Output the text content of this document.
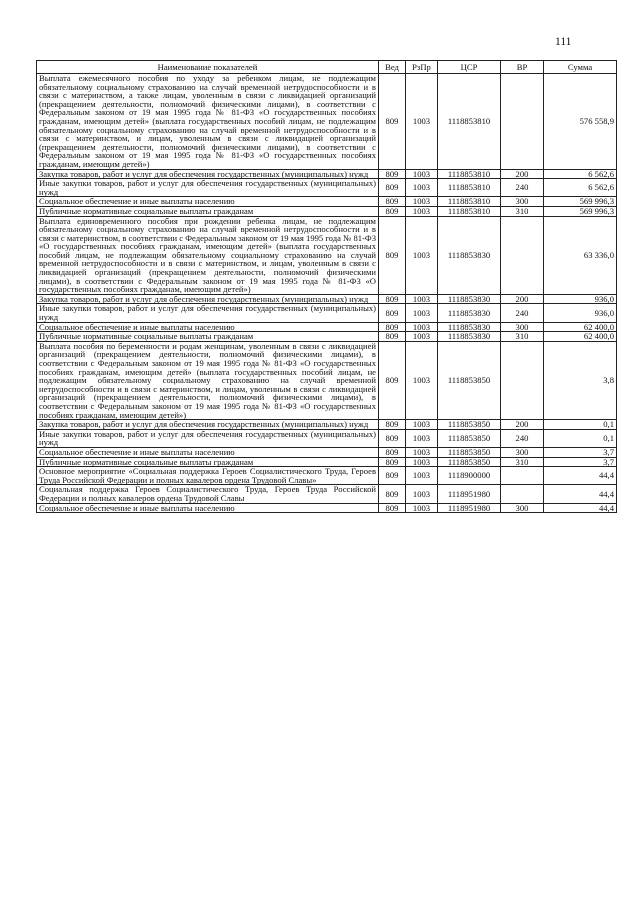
111
Наименование показателей	Вед	РзПр	ЦСР	ВР	Сумма
Выплата ежемесячного пособия по уходу за ребенком лицам, не подлежащим обязательному социальному страхованию на случай временной нетрудоспособности и в связи с материнством, а также лицам, уволенным в связи с ликвидацией организаций (прекращением деятельности, полномочий физическими лицами), в соответствии с Федеральным законом от 19 мая 1995 года № 81-ФЗ «О государственных пособиях гражданам, имеющим детей» (выплата государственных пособий лицам, не подлежащим обязательному социальному страхованию на случай временной нетрудоспособности и в связи с материнством, и лицам, уволенным в связи с ликвидацией организаций (прекращением деятельности, полномочий физическими лицами), в соответствии с Федеральным законом от 19 мая 1995 года № 81-ФЗ «О государственных пособиях гражданам, имеющим детей»)	809	1003	1118853810		576 558,9
Закупка товаров, работ и услуг для обеспечения государственных (муниципальных) нужд	809	1003	1118853810	200	6 562,6
Иные закупки товаров, работ и услуг для обеспечения государственных (муниципальных) нужд	809	1003	1118853810	240	6 562,6
Социальное обеспечение и иные выплаты населению	809	1003	1118853810	300	569 996,3
Публичные нормативные социальные выплаты гражданам	809	1003	1118853810	310	569 996,3
Выплата единовременного пособия при рождении ребенка лицам, не подлежащим обязательному социальному страхованию на случай временной нетрудоспособности и в связи с материнством, в соответствии с Федеральным законом от 19 мая 1995 года № 81-ФЗ «О государственных пособиях гражданам, имеющим детей» (выплата государственных пособий лицам, не подлежащим обязательному социальному страхованию на случай временной нетрудоспособности и в связи с материнством, и лицам, уволенным в связи с ликвидацией организаций (прекращением деятельности, полномочий физическими лицами), в соответствии с Федеральным законом от 19 мая 1995 года № 81-ФЗ «О государственных пособиях гражданам, имеющим детей»)	809	1003	1118853830		63 336,0
Закупка товаров, работ и услуг для обеспечения государственных (муниципальных) нужд	809	1003	1118853830	200	936,0
Иные закупки товаров, работ и услуг для обеспечения государственных (муниципальных) нужд	809	1003	1118853830	240	936,0
Социальное обеспечение и иные выплаты населению	809	1003	1118853830	300	62 400,0
Публичные нормативные социальные выплаты гражданам	809	1003	1118853830	310	62 400,0
Выплата пособия по беременности и родам женщинам, уволенным в связи с ликвидацией организаций (прекращением деятельности, полномочий физическими лицами), в соответствии с Федеральным законом от 19 мая 1995 года № 81-ФЗ «О государственных пособиях гражданам, имеющим детей» (выплата государственных пособий лицам, не подлежащим обязательному социальному страхованию на случай временной нетрудоспособности и в связи с материнством, и лицам, уволенным в связи с ликвидацией организаций (прекращением деятельности, полномочий физическими лицами), в соответствии с Федеральным законом от 19 мая 1995 года № 81-ФЗ «О государственных пособиях гражданам, имеющим детей»)	809	1003	1118853850		3,8
Закупка товаров, работ и услуг для обеспечения государственных (муниципальных) нужд	809	1003	1118853850	200	0,1
Иные закупки товаров, работ и услуг для обеспечения государственных (муниципальных) нужд	809	1003	1118853850	240	0,1
Социальное обеспечение и иные выплаты населению	809	1003	1118853850	300	3,7
Публичные нормативные социальные выплаты гражданам	809	1003	1118853850	310	3,7
Основное мероприятие «Социальная поддержка Героев Социалистического Труда, Героев Труда Российской Федерации и полных кавалеров ордена Трудовой Славы»	809	1003	1118900000		44,4
Социальная поддержка Героев Социалистического Труда, Героев Труда Российской Федерации и полных кавалеров ордена Трудовой Славы	809	1003	1118951980		44,4
Социальное обеспечение и иные выплаты населению	809	1003	1118951980	300	44,4
